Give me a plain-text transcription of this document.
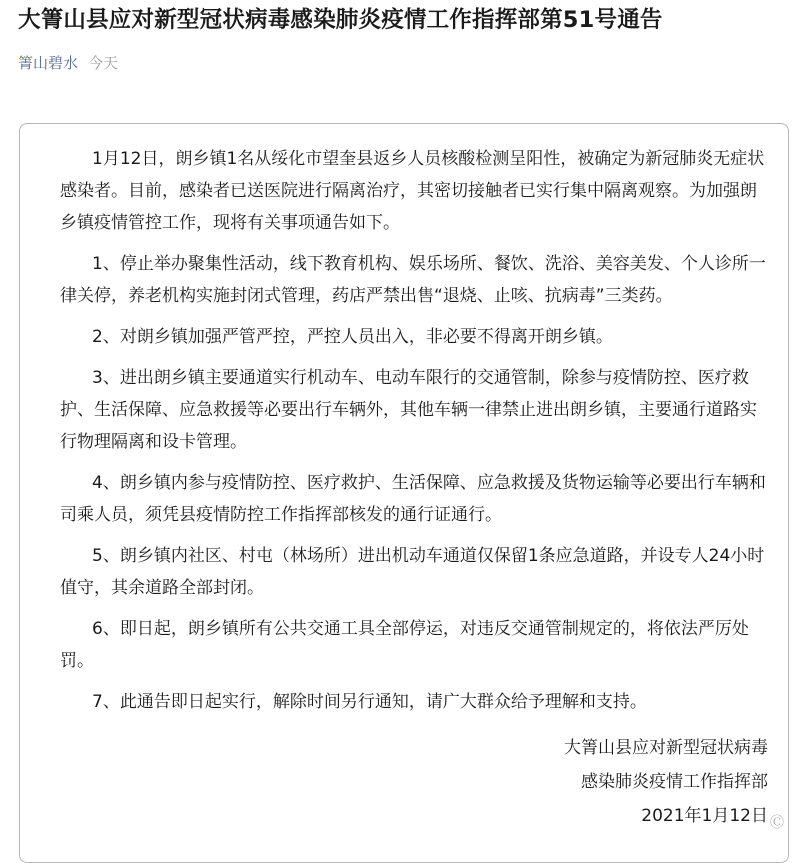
大箐山县应对新型冠状病毒感染肺炎疫情工作指挥部第51号通告
箐山碧水 今天

1月12日，朗乡镇1名从绥化市望奎县返乡人员核酸检测呈阳性，被确定为新冠肺炎无症状感染者。目前，感染者已送医院进行隔离治疗，其密切接触者已实行集中隔离观察。为加强朗乡镇疫情管控工作，现将有关事项通告如下。

1、停止举办聚集性活动，线下教育机构、娱乐场所、餐饮、洗浴、美容美发、个人诊所一律关停，养老机构实施封闭式管理，药店严禁出售“退烧、止咳、抗病毒”三类药。

2、对朗乡镇加强严管严控，严控人员出入，非必要不得离开朗乡镇。

3、进出朗乡镇主要通道实行机动车、电动车限行的交通管制，除参与疫情防控、医疗救护、生活保障、应急救援等必要出行车辆外，其他车辆一律禁止进出朗乡镇，主要通行道路实行物理隔离和设卡管理。

4、朗乡镇内参与疫情防控、医疗救护、生活保障、应急救援及货物运输等必要出行车辆和司乘人员，须凭县疫情防控工作指挥部核发的通行证通行。

5、朗乡镇内社区、村屯（林场所）进出机动车通道仅保留1条应急道路，并设专人24小时值守，其余道路全部封闭。

6、即日起，朗乡镇所有公共交通工具全部停运，对违反交通管制规定的，将依法严厉处罚。

7、此通告即日起实行，解除时间另行通知，请广大群众给予理解和支持。

大箐山县应对新型冠状病毒
感染肺炎疫情工作指挥部
2021年1月12日 Ⓒ
